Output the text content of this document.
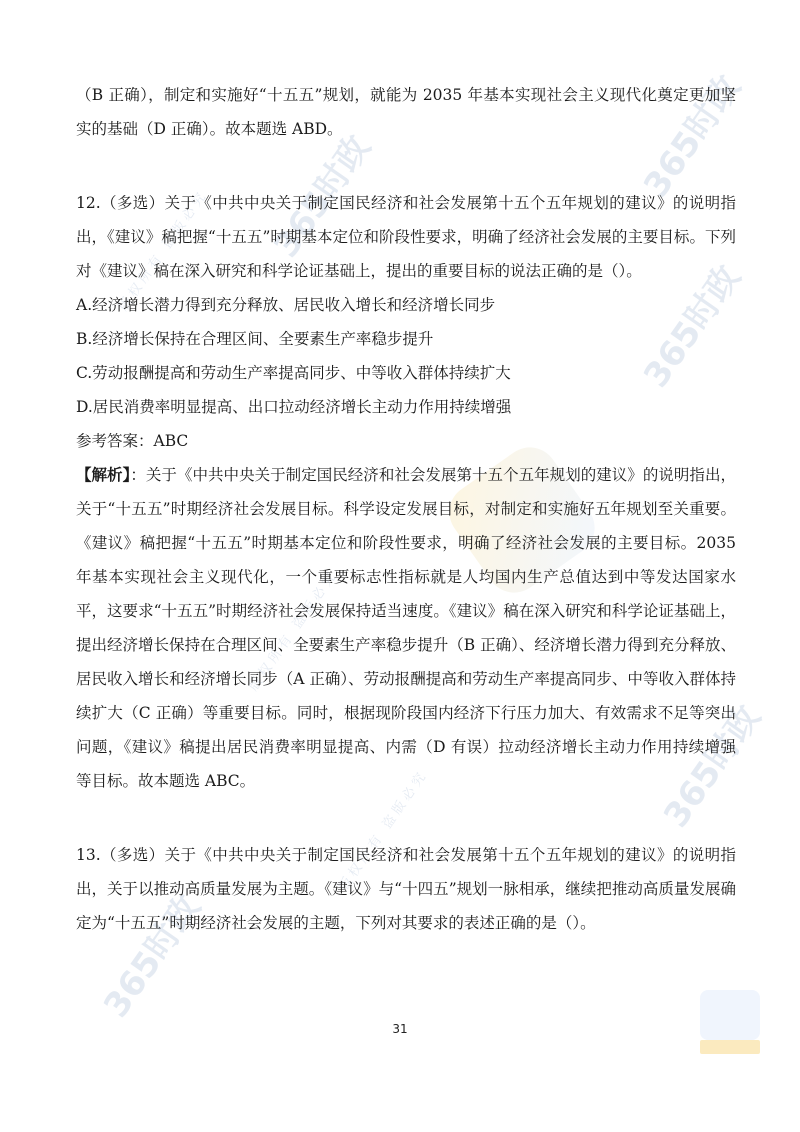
365时政
365时政
365时政
365时政
365时政
版权所有 盗版必究
版权所有 盗版必究
版权所有 盗版必究

（B 正确），制定和实施好“十五五”规划，就能为 2035 年基本实现社会主义现代化奠定更加坚实的基础（D 正确）。故本题选 ABD。

12.（多选）关于《中共中央关于制定国民经济和社会发展第十五个五年规划的建议》的说明指出，《建议》稿把握“十五五”时期基本定位和阶段性要求，明确了经济社会发展的主要目标。下列对《建议》稿在深入研究和科学论证基础上，提出的重要目标的说法正确的是（）。

A.经济增长潜力得到充分释放、居民收入增长和经济增长同步

B.经济增长保持在合理区间、全要素生产率稳步提升

C.劳动报酬提高和劳动生产率提高同步、中等收入群体持续扩大

D.居民消费率明显提高、出口拉动经济增长主动力作用持续增强

参考答案：ABC

【解析】：关于《中共中央关于制定国民经济和社会发展第十五个五年规划的建议》的说明指出，关于“十五五”时期经济社会发展目标。科学设定发展目标，对制定和实施好五年规划至关重要。《建议》稿把握“十五五”时期基本定位和阶段性要求，明确了经济社会发展的主要目标。2035 年基本实现社会主义现代化，一个重要标志性指标就是人均国内生产总值达到中等发达国家水平，这要求“十五五”时期经济社会发展保持适当速度。《建议》稿在深入研究和科学论证基础上，提出经济增长保持在合理区间、全要素生产率稳步提升（B 正确）、经济增长潜力得到充分释放、居民收入增长和经济增长同步（A 正确）、劳动报酬提高和劳动生产率提高同步、中等收入群体持续扩大（C 正确）等重要目标。同时，根据现阶段国内经济下行压力加大、有效需求不足等突出问题，《建议》稿提出居民消费率明显提高、内需（D 有误）拉动经济增长主动力作用持续增强等目标。故本题选 ABC。

13.（多选）关于《中共中央关于制定国民经济和社会发展第十五个五年规划的建议》的说明指出，关于以推动高质量发展为主题。《建议》与“十四五”规划一脉相承，继续把推动高质量发展确定为“十五五”时期经济社会发展的主题，下列对其要求的表述正确的是（）。

31
